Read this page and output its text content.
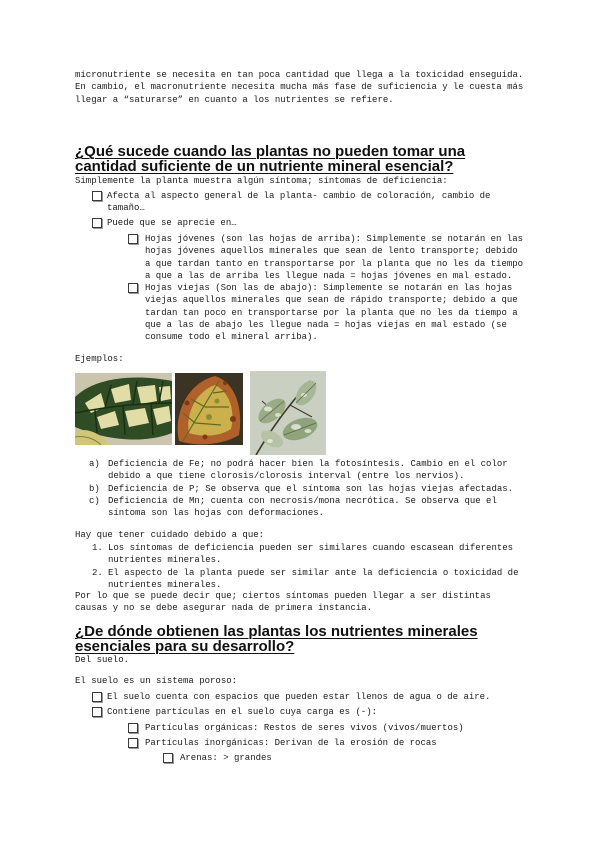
micronutriente se necesita en tan poca cantidad que llega a la toxicidad enseguida. En cambio, el macronutriente necesita mucha más fase de suficiencia y le cuesta más llegar a “saturarse” en cuanto a los nutrientes se refiere.

¿Qué sucede cuando las plantas no pueden tomar una cantidad suficiente de un nutriente mineral esencial?

Simplemente la planta muestra algún síntoma; síntomas de deficiencia:

Afecta al aspecto general de la planta- cambio de coloración, cambio de tamaño…

Puede que se aprecie en…

Hojas jóvenes (son las hojas de arriba): Simplemente se notarán en las hojas jóvenes aquellos minerales que sean de lento transporte; debido a que tardan tanto en transportarse por la planta que no les da tiempo a que a las de arriba les llegue nada = hojas jóvenes en mal estado.

Hojas viejas (Son las de abajo): Simplemente se notarán en las hojas viejas aquellos minerales que sean de rápido transporte; debido a que tardan tan poco en transportarse por la planta que no les da tiempo a que a las de abajo les llegue nada = hojas viejas en mal estado (se consume todo el mineral arriba).

Ejemplos:

a) Deficiencia de Fe; no podrá hacer bien la fotosíntesis. Cambio en el color debido a que tiene clorosis/clorosis interval (entre los nervios).

b) Deficiencia de P; Se observa que el síntoma son las hojas viejas afectadas.

c) Deficiencia de Mn; cuenta con necrosis/mona necrótica. Se observa que el síntoma son las hojas con deformaciones.

Hay que tener cuidado debido a que:

1. Los síntomas de deficiencia pueden ser similares cuando escasean diferentes nutrientes minerales.

2. El aspecto de la planta puede ser similar ante la deficiencia o toxicidad de nutrientes minerales.

Por lo que se puede decir que; ciertos síntomas pueden llegar a ser distintas causas y no se debe asegurar nada de primera instancia.

¿De dónde obtienen las plantas los nutrientes minerales esenciales para su desarrollo?

Del suelo.

El suelo es un sistema poroso:

El suelo cuenta con espacios que pueden estar llenos de agua o de aire.

Contiene partículas en el suelo cuya carga es (-):

Partículas orgánicas: Restos de seres vivos (vivos/muertos)

Partículas inorgánicas: Derivan de la erosión de rocas

Arenas: > grandes
